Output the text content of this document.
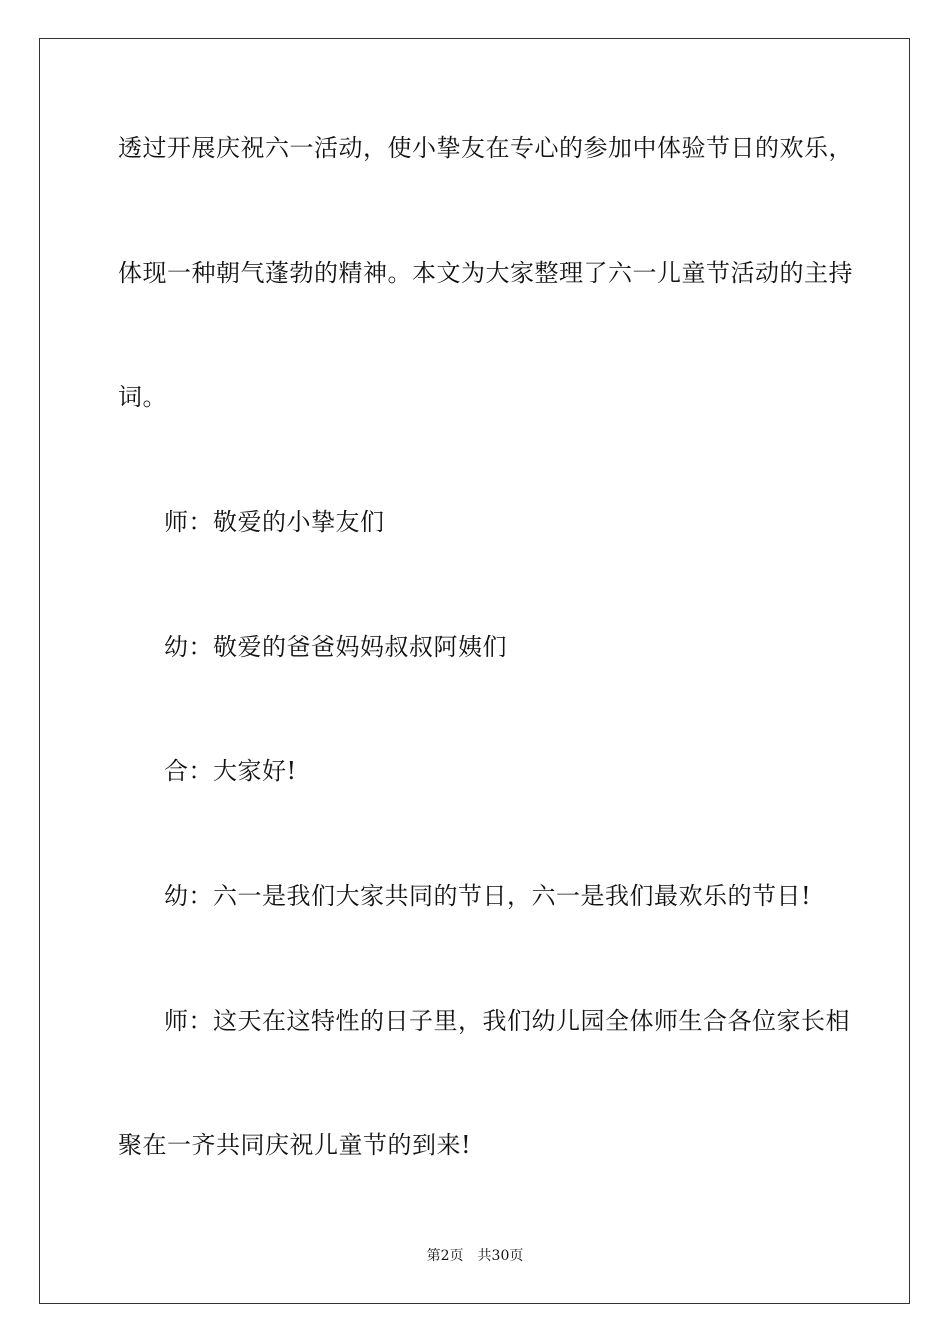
透过开展庆祝六一活动，使小挚友在专心的参加中体验节日的欢乐，
体现一种朝气蓬勃的精神。本文为大家整理了六一儿童节活动的主持
词。
师：敬爱的小挚友们
幼：敬爱的爸爸妈妈叔叔阿姨们
合：大家好!
幼：六一是我们大家共同的节日，六一是我们最欢乐的节日!
师：这天在这特性的日子里，我们幼儿园全体师生合各位家长相
聚在一齐共同庆祝儿童节的到来!
第2页 共30页
